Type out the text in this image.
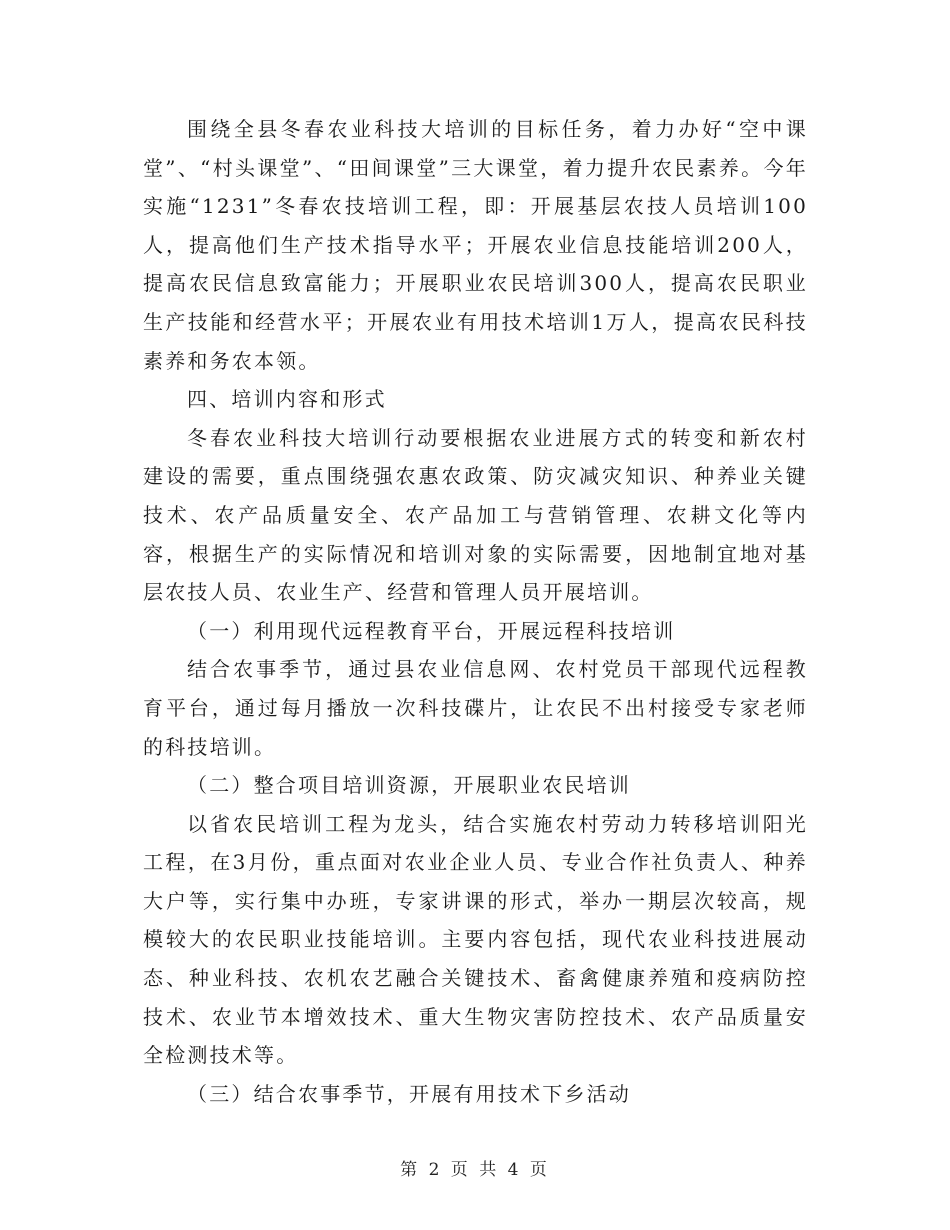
围绕全县冬春农业科技大培训的目标任务，着力办好“空中课堂”、“村头课堂”、“田间课堂”三大课堂，着力提升农民素养。今年实施“1231”冬春农技培训工程，即：开展基层农技人员培训100人，提高他们生产技术指导水平；开展农业信息技能培训200人，提高农民信息致富能力；开展职业农民培训300人，提高农民职业生产技能和经营水平；开展农业有用技术培训1万人，提高农民科技素养和务农本领。

四、培训内容和形式

冬春农业科技大培训行动要根据农业进展方式的转变和新农村建设的需要，重点围绕强农惠农政策、防灾减灾知识、种养业关键技术、农产品质量安全、农产品加工与营销管理、农耕文化等内容，根据生产的实际情况和培训对象的实际需要，因地制宜地对基层农技人员、农业生产、经营和管理人员开展培训。

（一）利用现代远程教育平台，开展远程科技培训

结合农事季节，通过县农业信息网、农村党员干部现代远程教育平台，通过每月播放一次科技碟片，让农民不出村接受专家老师的科技培训。

（二）整合项目培训资源，开展职业农民培训

以省农民培训工程为龙头，结合实施农村劳动力转移培训阳光工程，在3月份，重点面对农业企业人员、专业合作社负责人、种养大户等，实行集中办班，专家讲课的形式，举办一期层次较高，规模较大的农民职业技能培训。主要内容包括，现代农业科技进展动态、种业科技、农机农艺融合关键技术、畜禽健康养殖和疫病防控技术、农业节本增效技术、重大生物灾害防控技术、农产品质量安全检测技术等。

（三）结合农事季节，开展有用技术下乡活动

第 2 页 共 4 页
